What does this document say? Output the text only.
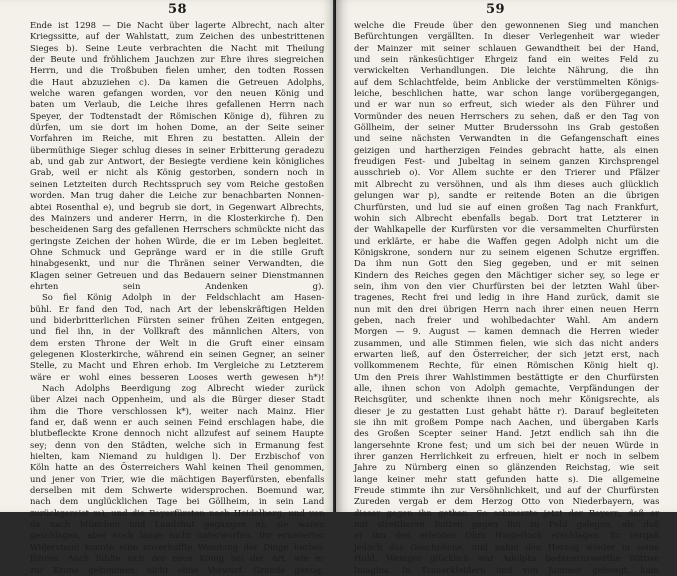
58
Ende ist 1298 — Die Nacht über lagerte Albrecht, nach alter
Kriegssitte, auf der Wahlstatt, zum Zeichen des unbestrittenen
Sieges b). Seine Leute verbrachten die Nacht mit Theilung
der Beute und fröhlichem Jauchzen zur Ehre ihres siegreichen
Herrn, und die Troßbuben fielen umher, den todten Rossen
die Haut abzuziehen c). Da kamen die Getreuen Adolphs,
welche waren gefangen worden, vor den neuen König und
baten um Verlaub, die Leiche ihres gefallenen Herrn nach
Speyer, der Todtenstadt der Römischen Könige d), führen zu
dürfen, um sie dort im hohen Dome, an der Seite seiner
Vorfahren im Reiche, mit Ehren zu bestatten. Allein der
übermüthige Sieger schlug dieses in seiner Erbitterung geradezu
ab, und gab zur Antwort, der Besiegte verdiene kein königliches
Grab, weil er nicht als König gestorben, sondern noch in
seinen Letzteiten durch Rechtsspruch sey vom Reiche gestoßen
worden. Man trug daher die Leiche zur benachbarten Nonnen-
abtei Rosenthal e), und begrub sie dort, in Gegenwart Albrechts,
des Mainzers und anderer Herrn, in die Klosterkirche f). Den
bescheidenen Sarg des gefallenen Herrschers schmückte nicht das
geringste Zeichen der hohen Würde, die er im Leben begleitet.
Ohne Schmuck und Gepränge ward er in die stille Gruft
hinabgesenkt, und nur die Thränen seiner Verwandten, die
Klagen seiner Getreuen und das Bedauern seiner Dienstmannen
ehrten sein Andenken g).
So fiel König Adolph in der Feldschlacht am Hasen-
bühl. Er fand den Tod, nach Art der lebenskräftigen Helden
und biderbritterlichen Fürsten seiner frühen Zeiten entgegen,
und fiel ihn, in der Vollkraft des männlichen Alters, von
dem ersten Throne der Welt in die Gruft einer einsam
gelegenen Klosterkirche, während ein seinen Gegner, an seiner
Stelle, zu Macht und Ehren erhob. Im Vergleiche zu Letzterem
wäre er wohl eines besseren Looses werth gewesen h*)!
Nach Adolphs Beerdigung zog Albrecht wieder zurück
über Alzei nach Oppenheim, und als die Bürger dieser Stadt
ihm die Thore verschlossen k*), weiter nach Mainz. Hier
fand er, daß wenn er auch seinen Feind erschlagen habe, die
blutbefleckte Krone dennoch nicht allzufest auf seinem Haupte
sey; denn von den Städten, welche sich in Ermanung fest
hielten, kam Niemand zu huldigen l). Der Erzbischof von
Köln hatte an des Österreichers Wahl keinen Theil genommen,
und jener von Trier, wie die mächtigen Bayerfürsten, ebenfalls
derselben mit dem Schwerte widersprochen. Boemund war,
nach dem unglücklichen Tage bei Göllheim, in sein Land
zurückgereist m), und die Bayerfürsten nach Heidelberg, und von
da nach München und Landshut gegangen n); sie waren
geschlagen, aber noch lange nicht unterworfen. Ihr erneuerter
Widerstand konnte eine unverhoffte Wendung der Dinge herbei-
führen. Auch fühlte sich der neue König bei der Art, wie er
zur Krone gekommen, nicht ohne Vorwurf. Grunde genug,
59
welche die Freude über den gewonnenen Sieg und manchen
Befürchtungen vergällten. In dieser Verlegenheit war wieder
der Mainzer mit seiner schlauen Gewandtheit bei der Hand,
und sein ränkesüchtiger Ehrgeiz fand ein weites Feld zu
verwickelten Verhandlungen. Die leichte Nährung, die ihn
auf dem Schlachtfelde, beim Anblicke der verstümmelten Königs-
leiche, beschlichen hatte, war schon lange vorübergegangen,
und er war nun so erfreut, sich wieder als den Führer und
Vormünder des neuen Herrschers zu sehen, daß er den Tag von
Göllheim, der seiner Mutter Bruderssohn ins Grab gestoßen
und seine nächsten Verwandten in die Gefangenschaft eines
geizigen und hartherzigen Feindes gebracht hatte, als einen
freudigen Fest- und Jubeltag in seinem ganzen Kirchsprengel
ausschrieb o). Vor Allem suchte er den Trierer und Pfälzer
mit Albrecht zu versöhnen, und als ihm dieses auch glücklich
gelungen war p), sandte er reitende Boten an die übrigen
Churfürsten, und lud sie auf einen großen Tag nach Frankfurt,
wohin sich Albrecht ebenfalls begab. Dort trat Letzterer in
der Wahlkapelle der Kurfürsten vor die versammelten Churfürsten
und erklärte, er habe die Waffen gegen Adolph nicht um die
Königskrone, sondern nur zu seinem eigenen Schutze ergriffen.
Da ihm nun Gott den Sieg gegeben, und er mit seinen
Kindern des Reiches gegen den Mächtiger sicher sey, so lege er
sein, ihm von den vier Churfürsten bei der letzten Wahl über-
tragenes, Recht frei und ledig in ihre Hand zurück, damit sie
nun mit den drei übrigen Herrn nach ihrer einen neuen Herrn
geben, nach freier und wohlbedachter Wahl. Am andern
Morgen — 9. August — kamen demnach die Herren wieder
zusammen, und alle Stimmen fielen, wie sich das nicht anders
erwarten ließ, auf den Österreicher, der sich jetzt erst, nach
vollkommenem Rechte, für einen Römischen König hielt q).
Um den Preis ihrer Wahlstimmen bestättigte er den Churfürsten
alle, ihnen schon von Adolph gemachte, Verpfändungen der
Reichsgüter, und schenkte ihnen noch mehr Königsrechte, als
dieser je zu gestatten Lust gehabt hätte r). Darauf begleiteten
sie ihn mit großem Pompe nach Aachen, und übergaben Karls
des Großen Scepter seiner Hand. Jetzt endlich sah ihn die
langersehnte Krone fest; und um sich bei der neuen Würde in
ihrer ganzen Herrlichkeit zu erfreuen, hielt er noch in selbem
Jahre zu Nürnberg einen so glänzenden Reichstag, wie seit
lange keiner mehr statt gefunden hatte s). Die allgemeine
Freude stimmte ihn zur Versöhnlichkeit, und auf der Churfürsten
Zureden vergab er dem Herzog Otto von Niederbayern, was
dieser gegen ihn gethan. So schmerzte jetzt der Bayern, daß er
mit streitbaren Rotten gegen ihn zu Feld gelegen, als daß
er ihn den erlebten Ohm Haigerloch erschlagen. Er vergaß
jedoch das Geschehene, und nahm den Herzog wieder in seine
Huld. Weniger glücklich war Adolphs bedauernswerthe Wittwe
Imagina. In Trauerkleidern und von Jammer gebeugt, kam
